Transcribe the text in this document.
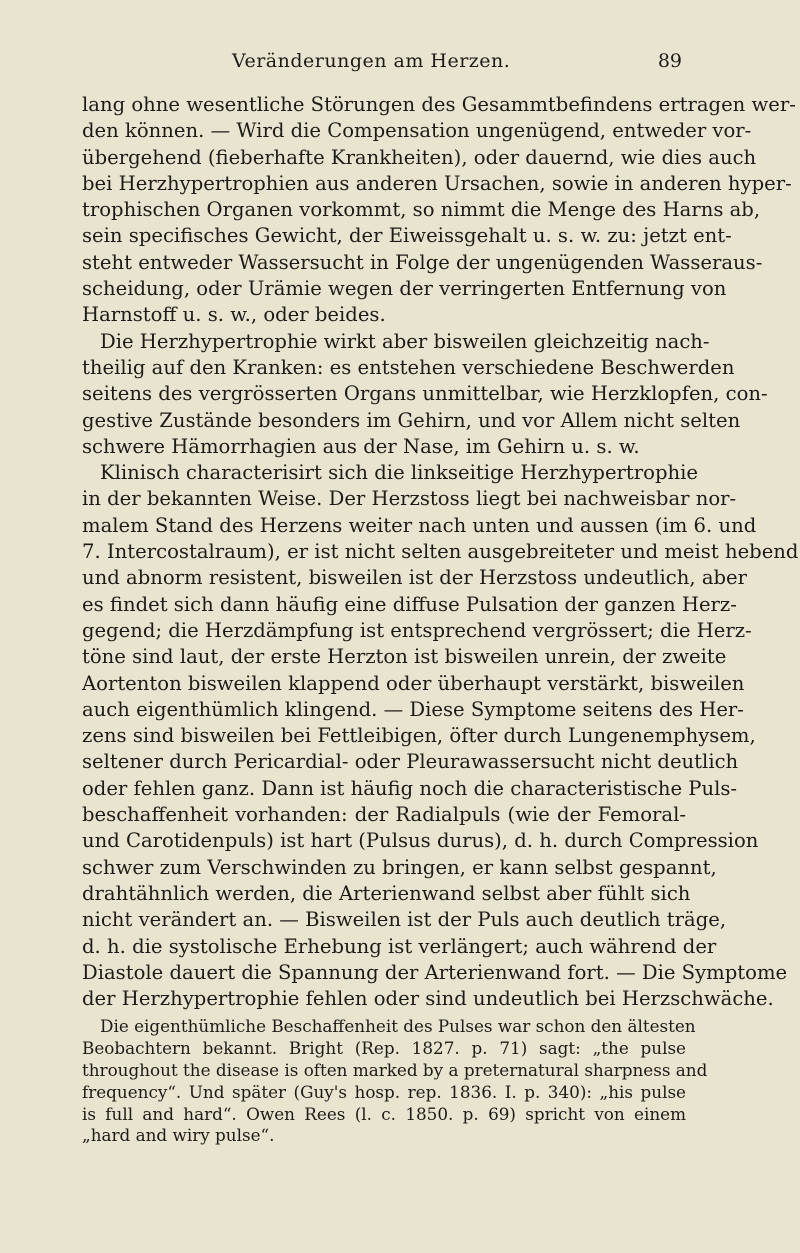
Veränderungen am Herzen.	89
lang ohne wesentliche Störungen des Gesammtbefindens ertragen wer-
den können. — Wird die Compensation ungenügend, entweder vor-
übergehend (fieberhafte Krankheiten), oder dauernd, wie dies auch
bei Herzhypertrophien aus anderen Ursachen, sowie in anderen hyper-
trophischen Organen vorkommt, so nimmt die Menge des Harns ab,
sein specifisches Gewicht, der Eiweissgehalt u. s. w. zu: jetzt ent-
steht entweder Wassersucht in Folge der ungenügenden Wasseraus-
scheidung, oder Urämie wegen der verringerten Entfernung von
Harnstoff u. s. w., oder beides.
Die Herzhypertrophie wirkt aber bisweilen gleichzeitig nach-
theilig auf den Kranken: es entstehen verschiedene Beschwerden
seitens des vergrösserten Organs unmittelbar, wie Herzklopfen, con-
gestive Zustände besonders im Gehirn, und vor Allem nicht selten
schwere Hämorrhagien aus der Nase, im Gehirn u. s. w.
Klinisch characterisirt sich die linkseitige Herzhypertrophie
in der bekannten Weise. Der Herzstoss liegt bei nachweisbar nor-
malem Stand des Herzens weiter nach unten und aussen (im 6. und
7. Intercostalraum), er ist nicht selten ausgebreiteter und meist hebend
und abnorm resistent, bisweilen ist der Herzstoss undeutlich, aber
es findet sich dann häufig eine diffuse Pulsation der ganzen Herz-
gegend; die Herzdämpfung ist entsprechend vergrössert; die Herz-
töne sind laut, der erste Herzton ist bisweilen unrein, der zweite
Aortenton bisweilen klappend oder überhaupt verstärkt, bisweilen
auch eigenthümlich klingend. — Diese Symptome seitens des Her-
zens sind bisweilen bei Fettleibigen, öfter durch Lungenemphysem,
seltener durch Pericardial- oder Pleurawassersucht nicht deutlich
oder fehlen ganz. Dann ist häufig noch die characteristische Puls-
beschaffenheit vorhanden: der Radialpuls (wie der Femoral-
und Carotidenpuls) ist hart (Pulsus durus), d. h. durch Compression
schwer zum Verschwinden zu bringen, er kann selbst gespannt,
drahtähnlich werden, die Arterienwand selbst aber fühlt sich
nicht verändert an. — Bisweilen ist der Puls auch deutlich träge,
d. h. die systolische Erhebung ist verlängert; auch während der
Diastole dauert die Spannung der Arterienwand fort. — Die Symptome
der Herzhypertrophie fehlen oder sind undeutlich bei Herzschwäche.
Die eigenthümliche Beschaffenheit des Pulses war schon den ältesten
Beobachtern bekannt. Bright (Rep. 1827. p. 71) sagt: „the pulse
throughout the disease is often marked by a preternatural sharpness and
frequency“. Und später (Guy's hosp. rep. 1836. I. p. 340): „his pulse
is full and hard“. Owen Rees (l. c. 1850. p. 69) spricht von einem
„hard and wiry pulse“.
